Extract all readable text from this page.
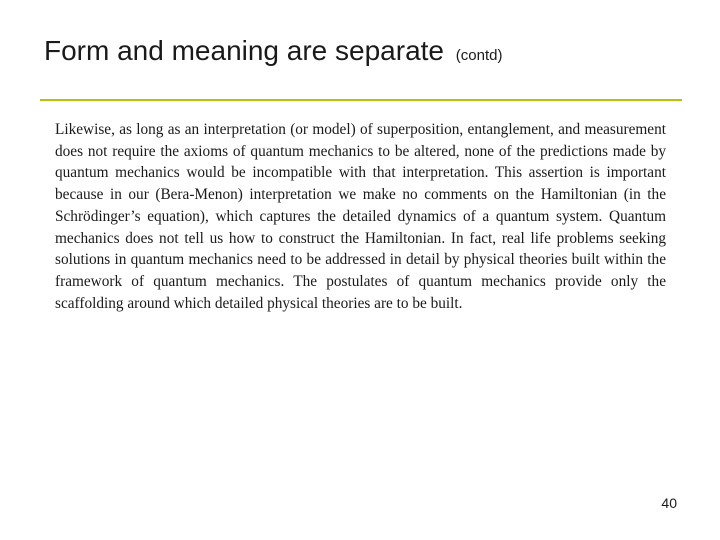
Form and meaning are separate (contd)

Likewise, as long as an interpretation (or model) of superposition, entanglement, and measurement does not require the axioms of quantum mechanics to be altered, none of the predictions made by quantum mechanics would be incompatible with that interpretation. This assertion is important because in our (Bera-Menon) interpretation we make no comments on the Hamiltonian (in the Schrödinger’s equation), which captures the detailed dynamics of a quantum system. Quantum mechanics does not tell us how to construct the Hamiltonian. In fact, real life problems seeking solutions in quantum mechanics need to be addressed in detail by physical theories built within the framework of quantum mechanics. The postulates of quantum mechanics provide only the scaffolding around which detailed physical theories are to be built.

40
